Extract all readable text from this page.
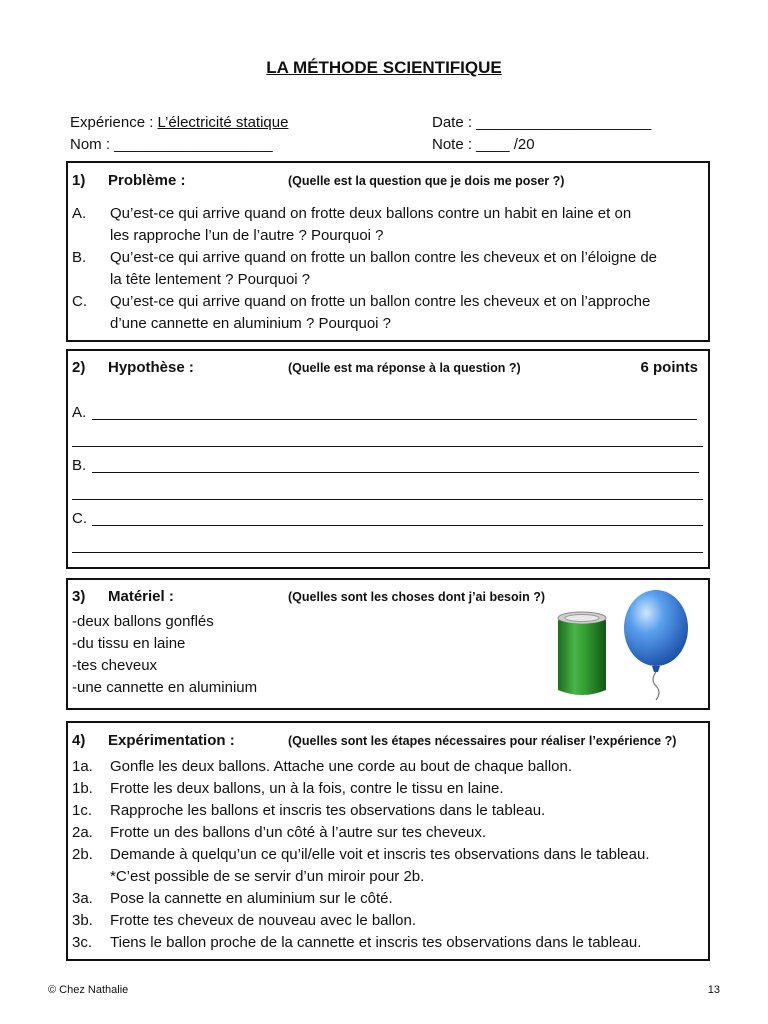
LA MÉTHODE SCIENTIFIQUE
Expérience : L’électricité statique	Date : _____________________
Nom : ___________________	Note : ____ /20
1) Problème :	(Quelle est la question que je dois me poser ?)
A. Qu’est-ce qui arrive quand on frotte deux ballons contre un habit en laine et on
les rapproche l’un de l’autre ? Pourquoi ?
B. Qu’est-ce qui arrive quand on frotte un ballon contre les cheveux et on l’éloigne de
la tête lentement ? Pourquoi ?
C. Qu’est-ce qui arrive quand on frotte un ballon contre les cheveux et on l’approche
d’une cannette en aluminium ? Pourquoi ?
2) Hypothèse :	(Quelle est ma réponse à la question ?)	6 points
A.
B.
C.
3) Matériel :	(Quelles sont les choses dont j’ai besoin ?)
-deux ballons gonflés
-du tissu en laine
-tes cheveux
-une cannette en aluminium
4) Expérimentation :	(Quelles sont les étapes nécessaires pour réaliser l’expérience ?)
1a. Gonfle les deux ballons. Attache une corde au bout de chaque ballon.
1b. Frotte les deux ballons, un à la fois, contre le tissu en laine.
1c. Rapproche les ballons et inscris tes observations dans le tableau.
2a. Frotte un des ballons d’un côté à l’autre sur tes cheveux.
2b. Demande à quelqu’un ce qu’il/elle voit et inscris tes observations dans le tableau.
*C’est possible de se servir d’un miroir pour 2b.
3a. Pose la cannette en aluminium sur le côté.
3b. Frotte tes cheveux de nouveau avec le ballon.
3c. Tiens le ballon proche de la cannette et inscris tes observations dans le tableau.
© Chez Nathalie	13
